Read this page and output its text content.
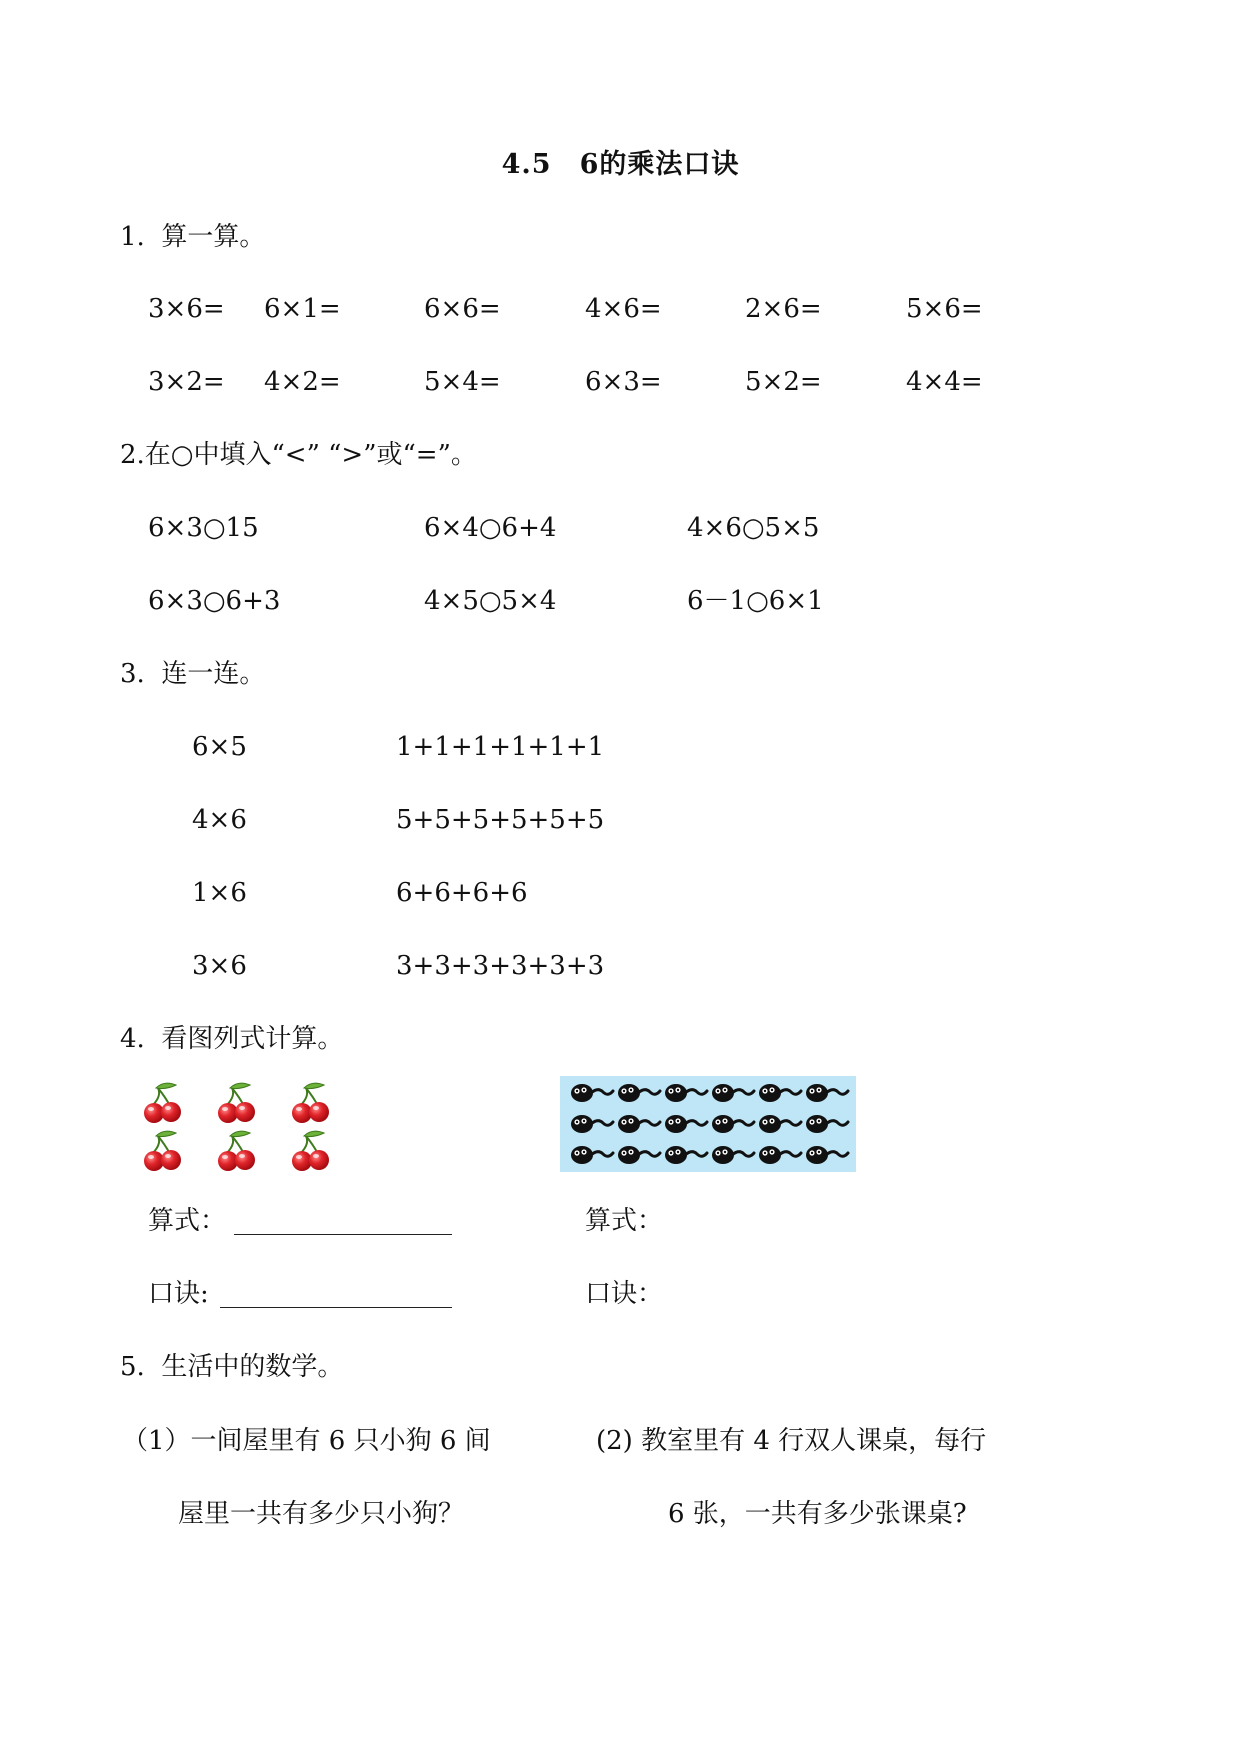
4.5　6的乘法口诀
1.  算一算。
3×6= 6×1=	6×6=	4×6=	2×6=	5×6=
3×2= 4×2=	5×4=	6×3=	5×2=	4×4=
2.在○中填入“<” “>”或“=”。
6×3○15	6×4○6+4	4×6○5×5
6×3○6+3	4×5○5×4	6－1○6×1
3.  连一连。
6×5	1+1+1+1+1+1
4×6	5+5+5+5+5+5
1×6	6+6+6+6
3×6	3+3+3+3+3+3
4.  看图列式计算。
算式：
口诀:
算式：
口诀：
5.  生活中的数学。
（1）一间屋里有 6 只小狗 6 间
屋里一共有多少只小狗？
(2) 教室里有 4 行双人课桌，每行
6 张，一共有多少张课桌?
